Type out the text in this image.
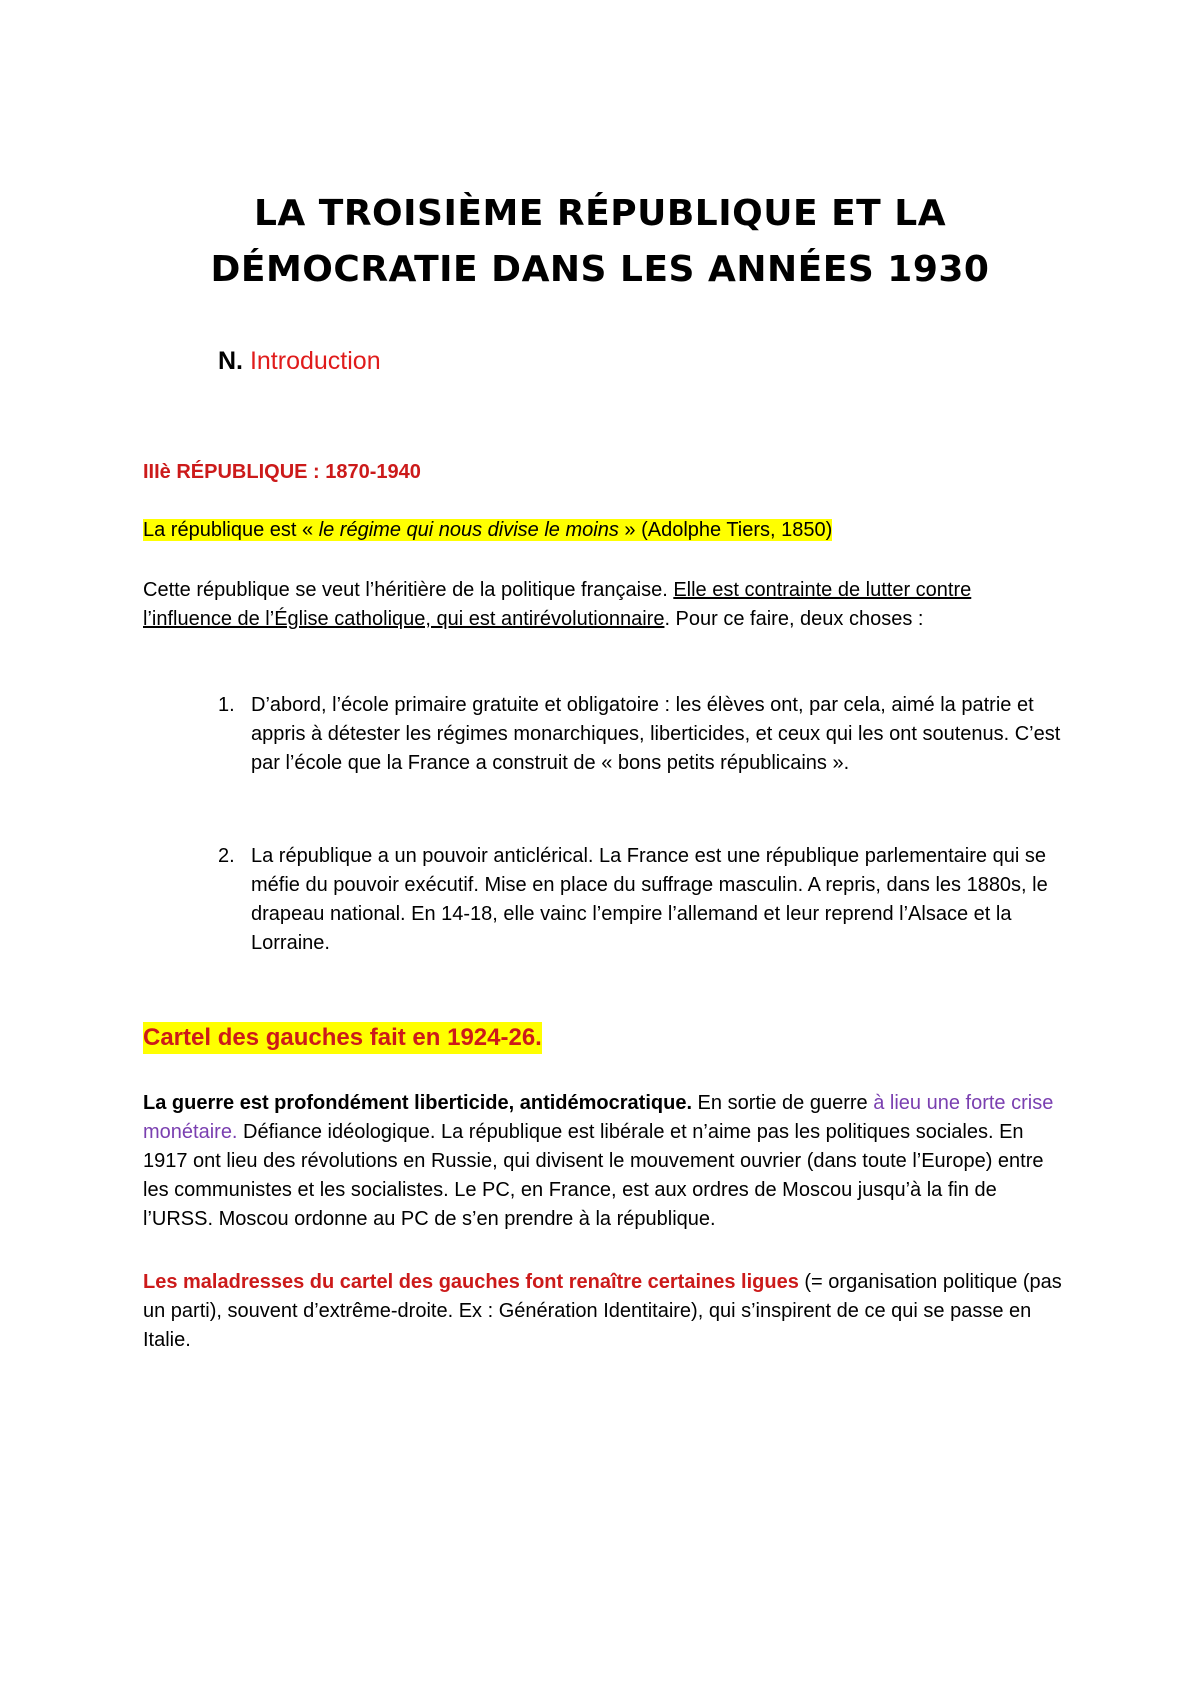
LA TROISIÈME RÉPUBLIQUE ET LA
DÉMOCRATIE DANS LES ANNÉES 1930
N. Introduction
IIIè RÉPUBLIQUE : 1870-1940
La république est « le régime qui nous divise le moins » (Adolphe Tiers, 1850)

Cette république se veut l’héritière de la politique française. Elle est contrainte de lutter contre l’influence de l’Église catholique, qui est antirévolutionnaire. Pour ce faire, deux choses :

1. D’abord, l’école primaire gratuite et obligatoire : les élèves ont, par cela, aimé la patrie et appris à détester les régimes monarchiques, liberticides, et ceux qui les ont soutenus. C’est par l’école que la France a construit de « bons petits républicains ».
2. La république a un pouvoir anticlérical. La France est une république parlementaire qui se méfie du pouvoir exécutif. Mise en place du suffrage masculin. A repris, dans les 1880s, le drapeau national. En 14-18, elle vainc l’empire l’allemand et leur reprend l’Alsace et la Lorraine.
Cartel des gauches fait en 1924-26.

La guerre est profondément liberticide, antidémocratique. En sortie de guerre à lieu une forte crise monétaire. Défiance idéologique. La république est libérale et n’aime pas les politiques sociales. En 1917 ont lieu des révolutions en Russie, qui divisent le mouvement ouvrier (dans toute l’Europe) entre les communistes et les socialistes. Le PC, en France, est aux ordres de Moscou jusqu’à la fin de l’URSS. Moscou ordonne au PC de s’en prendre à la république.

Les maladresses du cartel des gauches font renaître certaines ligues (= organisation politique (pas un parti), souvent d’extrême-droite. Ex : Génération Identitaire), qui s’inspirent de ce qui se passe en Italie.
